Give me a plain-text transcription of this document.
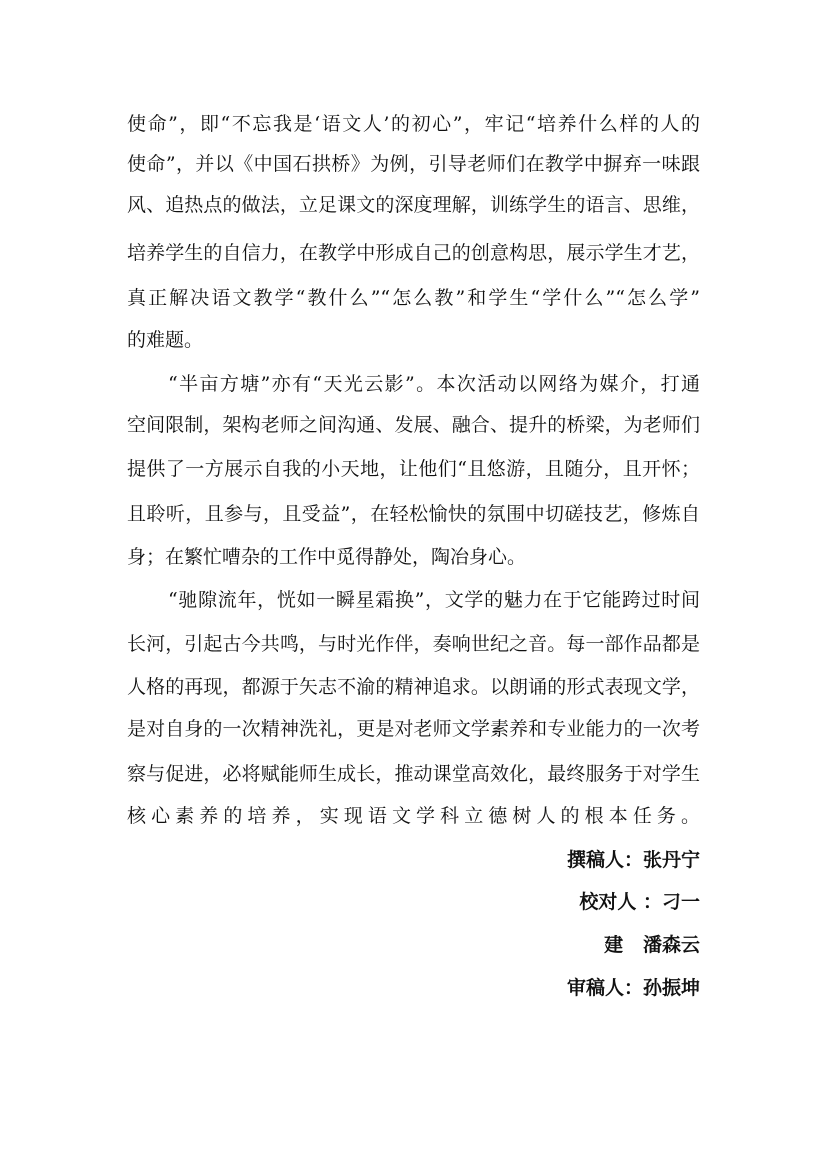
使命”，即“不忘我是‘语文人’的初心”，牢记“培养什么样的人的
使命”，并以《中国石拱桥》为例，引导老师们在教学中摒弃一味跟
风、追热点的做法，立足课文的深度理解，训练学生的语言、思维，
培养学生的自信力，在教学中形成自己的创意构思，展示学生才艺，
真正解决语文教学“教什么”“怎么教”和学生“学什么”“怎么学”
的难题。
“半亩方塘”亦有“天光云影”。本次活动以网络为媒介，打通
空间限制，架构老师之间沟通、发展、融合、提升的桥梁，为老师们
提供了一方展示自我的小天地，让他们“且悠游，且随分，且开怀；
且聆听，且参与，且受益”，在轻松愉快的氛围中切磋技艺，修炼自
身；在繁忙嘈杂的工作中觅得静处，陶冶身心。
“驰隙流年，恍如一瞬星霜换”，文学的魅力在于它能跨过时间
长河，引起古今共鸣，与时光作伴，奏响世纪之音。每一部作品都是
人格的再现，都源于矢志不渝的精神追求。以朗诵的形式表现文学，
是对自身的一次精神洗礼，更是对老师文学素养和专业能力的一次考
察与促进，必将赋能师生成长，推动课堂高效化，最终服务于对学生
核心素养的培养，实现语文学科立德树人的根本任务。
撰稿人：张丹宁
校对人 ：刁一
建   潘森云
审稿人：孙振坤
